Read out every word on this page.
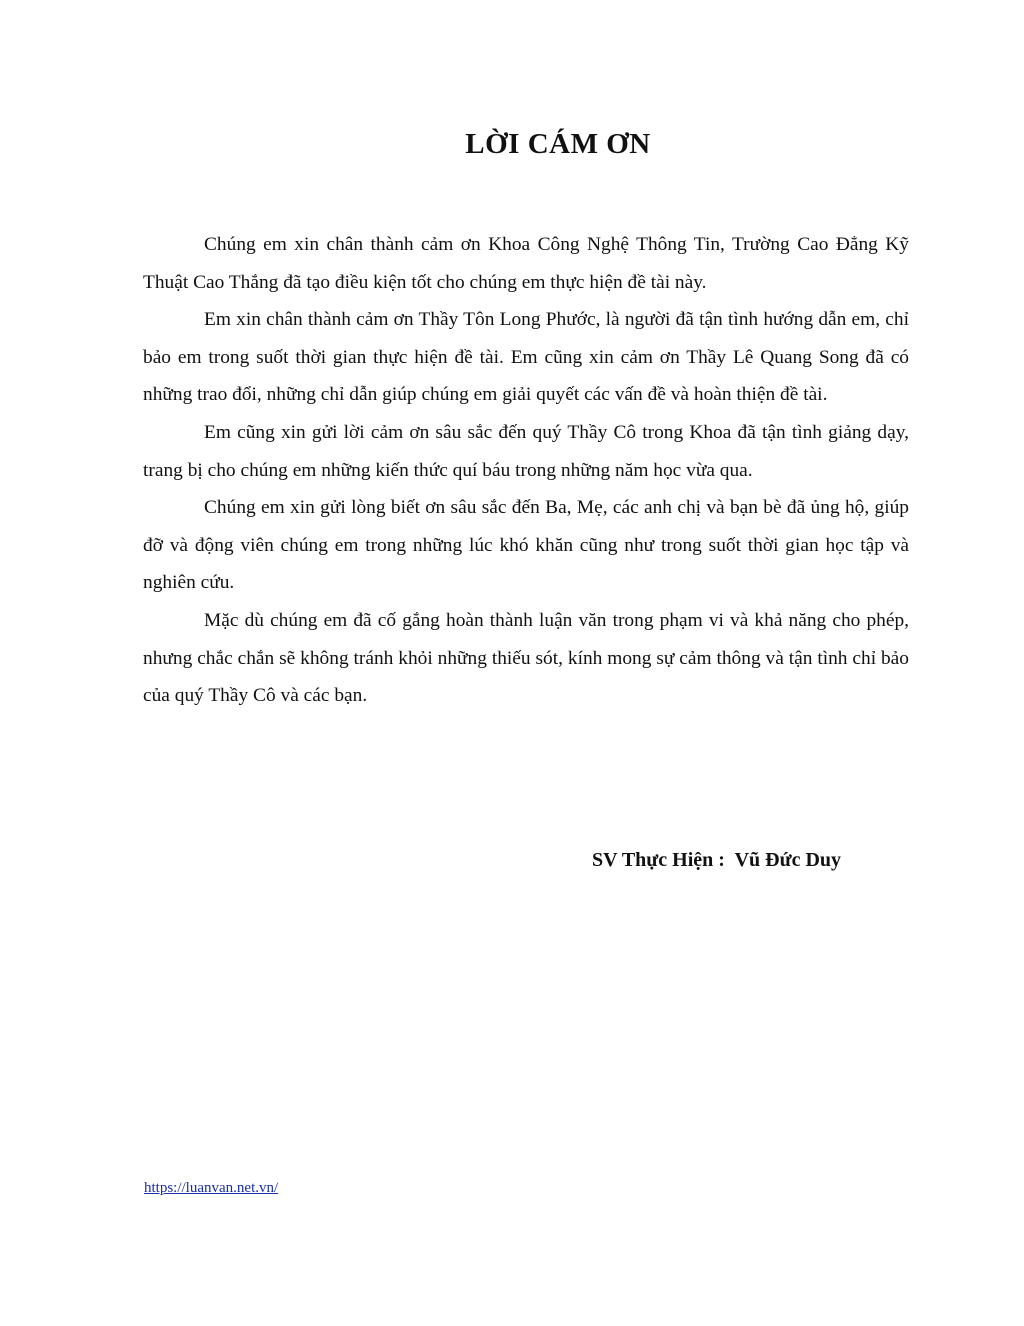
LỜI CÁM ƠN

Chúng em xin chân thành cảm ơn Khoa Công Nghệ Thông Tin, Trường Cao Đẳng Kỹ Thuật Cao Thắng đã tạo điều kiện tốt cho chúng em thực hiện đề tài này.

Em xin chân thành cảm ơn Thầy Tôn Long Phước, là người đã tận tình hướng dẫn em, chỉ bảo em trong suốt thời gian thực hiện đề tài. Em cũng xin cảm ơn Thầy Lê Quang Song đã có những trao đổi, những chỉ dẫn giúp chúng em giải quyết các vấn đề và hoàn thiện đề tài.

Em cũng xin gửi lời cảm ơn sâu sắc đến quý Thầy Cô trong Khoa đã tận tình giảng dạy, trang bị cho chúng em những kiến thức quí báu trong những năm học vừa qua.

Chúng em xin gửi lòng biết ơn sâu sắc đến Ba, Mẹ, các anh chị và bạn bè đã ủng hộ, giúp đỡ và động viên chúng em trong những lúc khó khăn cũng như trong suốt thời gian học tập và nghiên cứu.

Mặc dù chúng em đã cố gắng hoàn thành luận văn trong phạm vi và khả năng cho phép, nhưng chắc chắn sẽ không tránh khỏi những thiếu sót, kính mong sự cảm thông và tận tình chỉ bảo của quý Thầy Cô và các bạn.

SV Thực Hiện :  Vũ Đức Duy
https://luanvan.net.vn/
